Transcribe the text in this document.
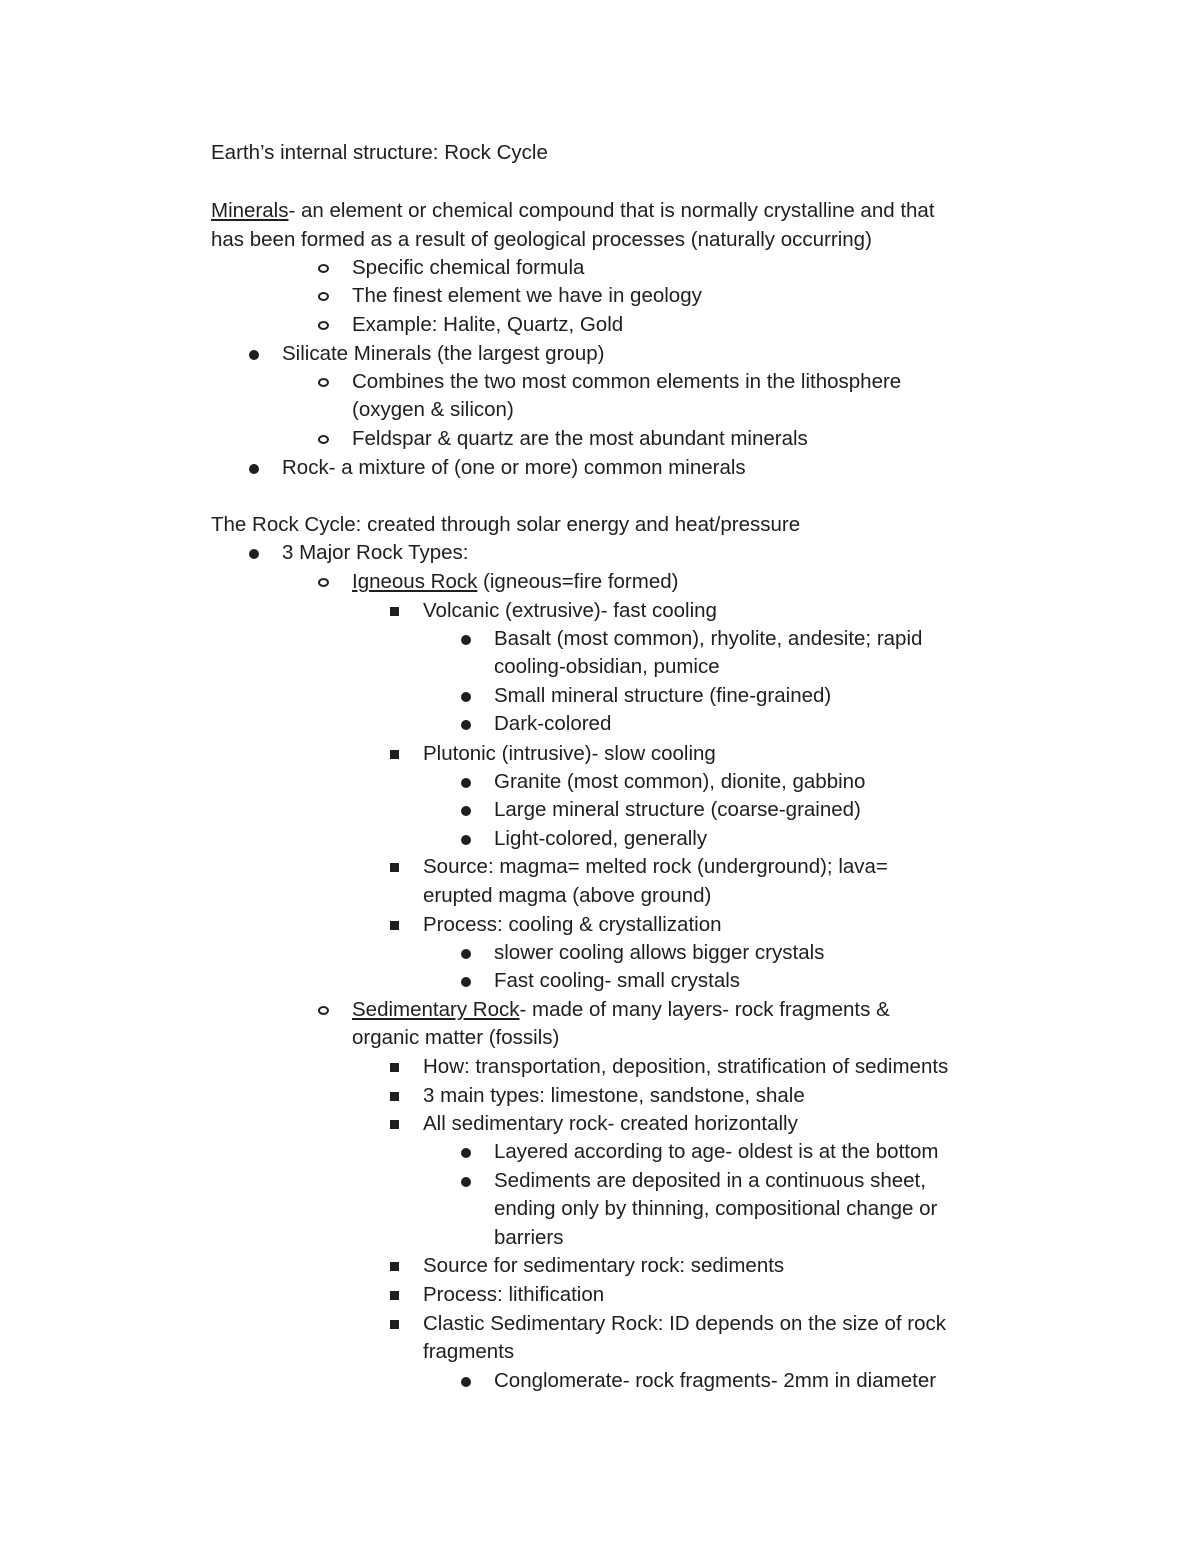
Earth’s internal structure: Rock Cycle
Minerals- an element or chemical compound that is normally crystalline and that
has been formed as a result of geological processes (naturally occurring)
Specific chemical formula
The finest element we have in geology
Example: Halite, Quartz, Gold
Silicate Minerals (the largest group)
Combines the two most common elements in the lithosphere
(oxygen & silicon)
Feldspar & quartz are the most abundant minerals
Rock- a mixture of (one or more) common minerals
The Rock Cycle: created through solar energy and heat/pressure
3 Major Rock Types:
Igneous Rock (igneous=fire formed)
Volcanic (extrusive)- fast cooling
Basalt (most common), rhyolite, andesite; rapid
cooling-obsidian, pumice
Small mineral structure (fine-grained)
Dark-colored
Plutonic (intrusive)- slow cooling
Granite (most common), dionite, gabbino
Large mineral structure (coarse-grained)
Light-colored, generally
Source: magma= melted rock (underground); lava=
erupted magma (above ground)
Process: cooling & crystallization
slower cooling allows bigger crystals
Fast cooling- small crystals
Sedimentary Rock- made of many layers- rock fragments &
organic matter (fossils)
How: transportation, deposition, stratification of sediments
3 main types: limestone, sandstone, shale
All sedimentary rock- created horizontally
Layered according to age- oldest is at the bottom
Sediments are deposited in a continuous sheet,
ending only by thinning, compositional change or
barriers
Source for sedimentary rock: sediments
Process: lithification
Clastic Sedimentary Rock: ID depends on the size of rock
fragments
Conglomerate- rock fragments- 2mm in diameter
